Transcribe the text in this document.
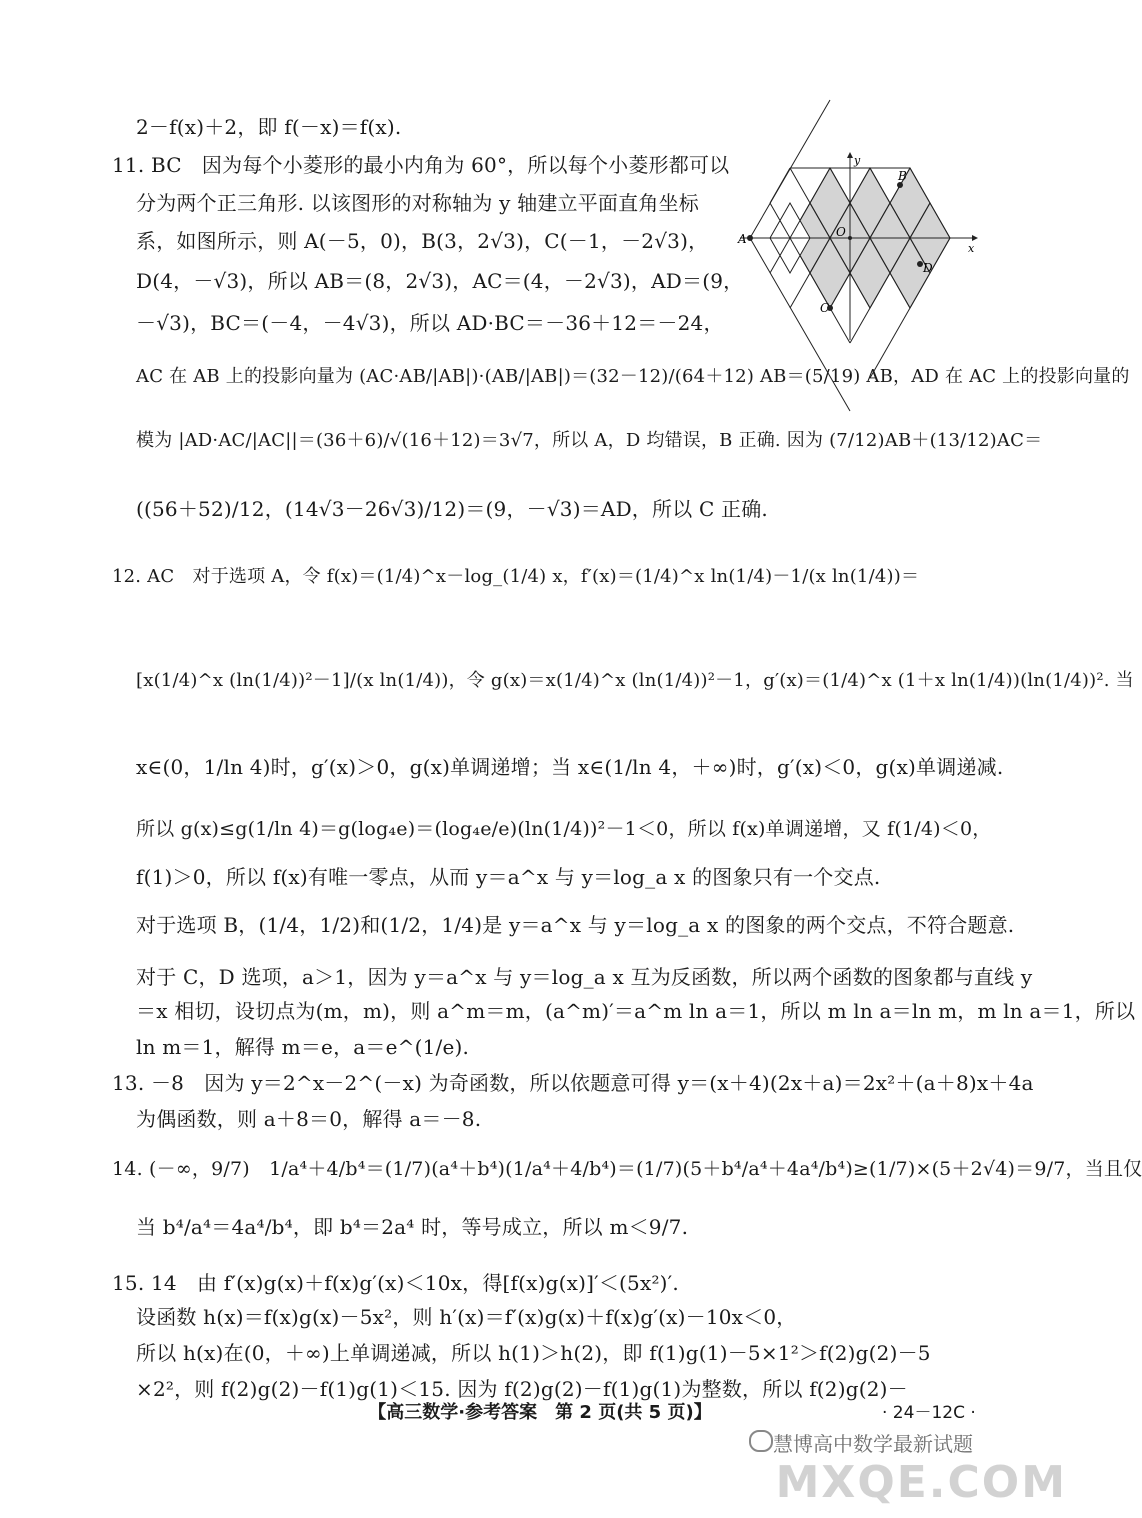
2－f(x)＋2，即 f(－x)＝f(x).
11. BC　因为每个小菱形的最小内角为 60°，所以每个小菱形都可以
分为两个正三角形. 以该图形的对称轴为 y 轴建立平面直角坐标
系，如图所示，则 A(－5，0)，B(3，2√3)，C(－1，－2√3)，
D(4，－√3)，所以 AB＝(8，2√3)，AC＝(4，－2√3)，AD＝(9，
－√3)，BC＝(－4，－4√3)，所以 AD·BC＝－36＋12＝－24，
AC 在 AB 上的投影向量为 (AC·AB/|AB|)·(AB/|AB|)＝(32－12)/(64＋12) AB＝(5/19) AB，AD 在 AC 上的投影向量的
模为 |AD·AC/|AC||＝(36＋6)/√(16＋12)＝3√7，所以 A，D 均错误，B 正确. 因为 (7/12)AB＋(13/12)AC＝
((56＋52)/12，(14√3－26√3)/12)＝(9，－√3)＝AD，所以 C 正确.
12. AC　对于选项 A，令 f(x)＝(1/4)^x－log_(1/4) x，f′(x)＝(1/4)^x ln(1/4)－1/(x ln(1/4))＝
[x(1/4)^x (ln(1/4))²－1]/(x ln(1/4))，令 g(x)＝x(1/4)^x (ln(1/4))²－1，g′(x)＝(1/4)^x (1＋x ln(1/4))(ln(1/4))². 当
x∈(0，1/ln 4)时，g′(x)＞0，g(x)单调递增；当 x∈(1/ln 4，＋∞)时，g′(x)＜0，g(x)单调递减.
所以 g(x)≤g(1/ln 4)＝g(log₄e)＝(log₄e/e)(ln(1/4))²－1＜0，所以 f(x)单调递增，又 f(1/4)＜0，
f(1)＞0，所以 f(x)有唯一零点，从而 y＝a^x 与 y＝log_a x 的图象只有一个交点.
对于选项 B，(1/4，1/2)和(1/2，1/4)是 y＝a^x 与 y＝log_a x 的图象的两个交点，不符合题意.
对于 C，D 选项，a＞1，因为 y＝a^x 与 y＝log_a x 互为反函数，所以两个函数的图象都与直线 y
＝x 相切，设切点为(m，m)，则 a^m＝m，(a^m)′＝a^m ln a＝1，所以 m ln a＝ln m，m ln a＝1，所以
ln m＝1，解得 m＝e，a＝e^(1/e).
13. －8　因为 y＝2^x－2^(－x) 为奇函数，所以依题意可得 y＝(x＋4)(2x＋a)＝2x²＋(a＋8)x＋4a
为偶函数，则 a＋8＝0，解得 a＝－8.
14. (－∞，9/7)　1/a⁴＋4/b⁴＝(1/7)(a⁴＋b⁴)(1/a⁴＋4/b⁴)＝(1/7)(5＋b⁴/a⁴＋4a⁴/b⁴)≥(1/7)×(5＋2√4)＝9/7，当且仅
当 b⁴/a⁴＝4a⁴/b⁴，即 b⁴＝2a⁴ 时，等号成立，所以 m＜9/7.
15. 14　由 f′(x)g(x)＋f(x)g′(x)＜10x，得[f(x)g(x)]′＜(5x²)′.
设函数 h(x)＝f(x)g(x)－5x²，则 h′(x)＝f′(x)g(x)＋f(x)g′(x)－10x＜0，
所以 h(x)在(0，＋∞)上单调递减，所以 h(1)＞h(2)，即 f(1)g(1)－5×1²＞f(2)g(2)－5
×2²，则 f(2)g(2)－f(1)g(1)＜15. 因为 f(2)g(2)－f(1)g(1)为整数，所以 f(2)g(2)－
A
B
C
D
O
x
y
【高三数学·参考答案　第 2 页(共 5 页)】	· 24－12C ·
慧博高中数学最新试题
MXQE.COM
